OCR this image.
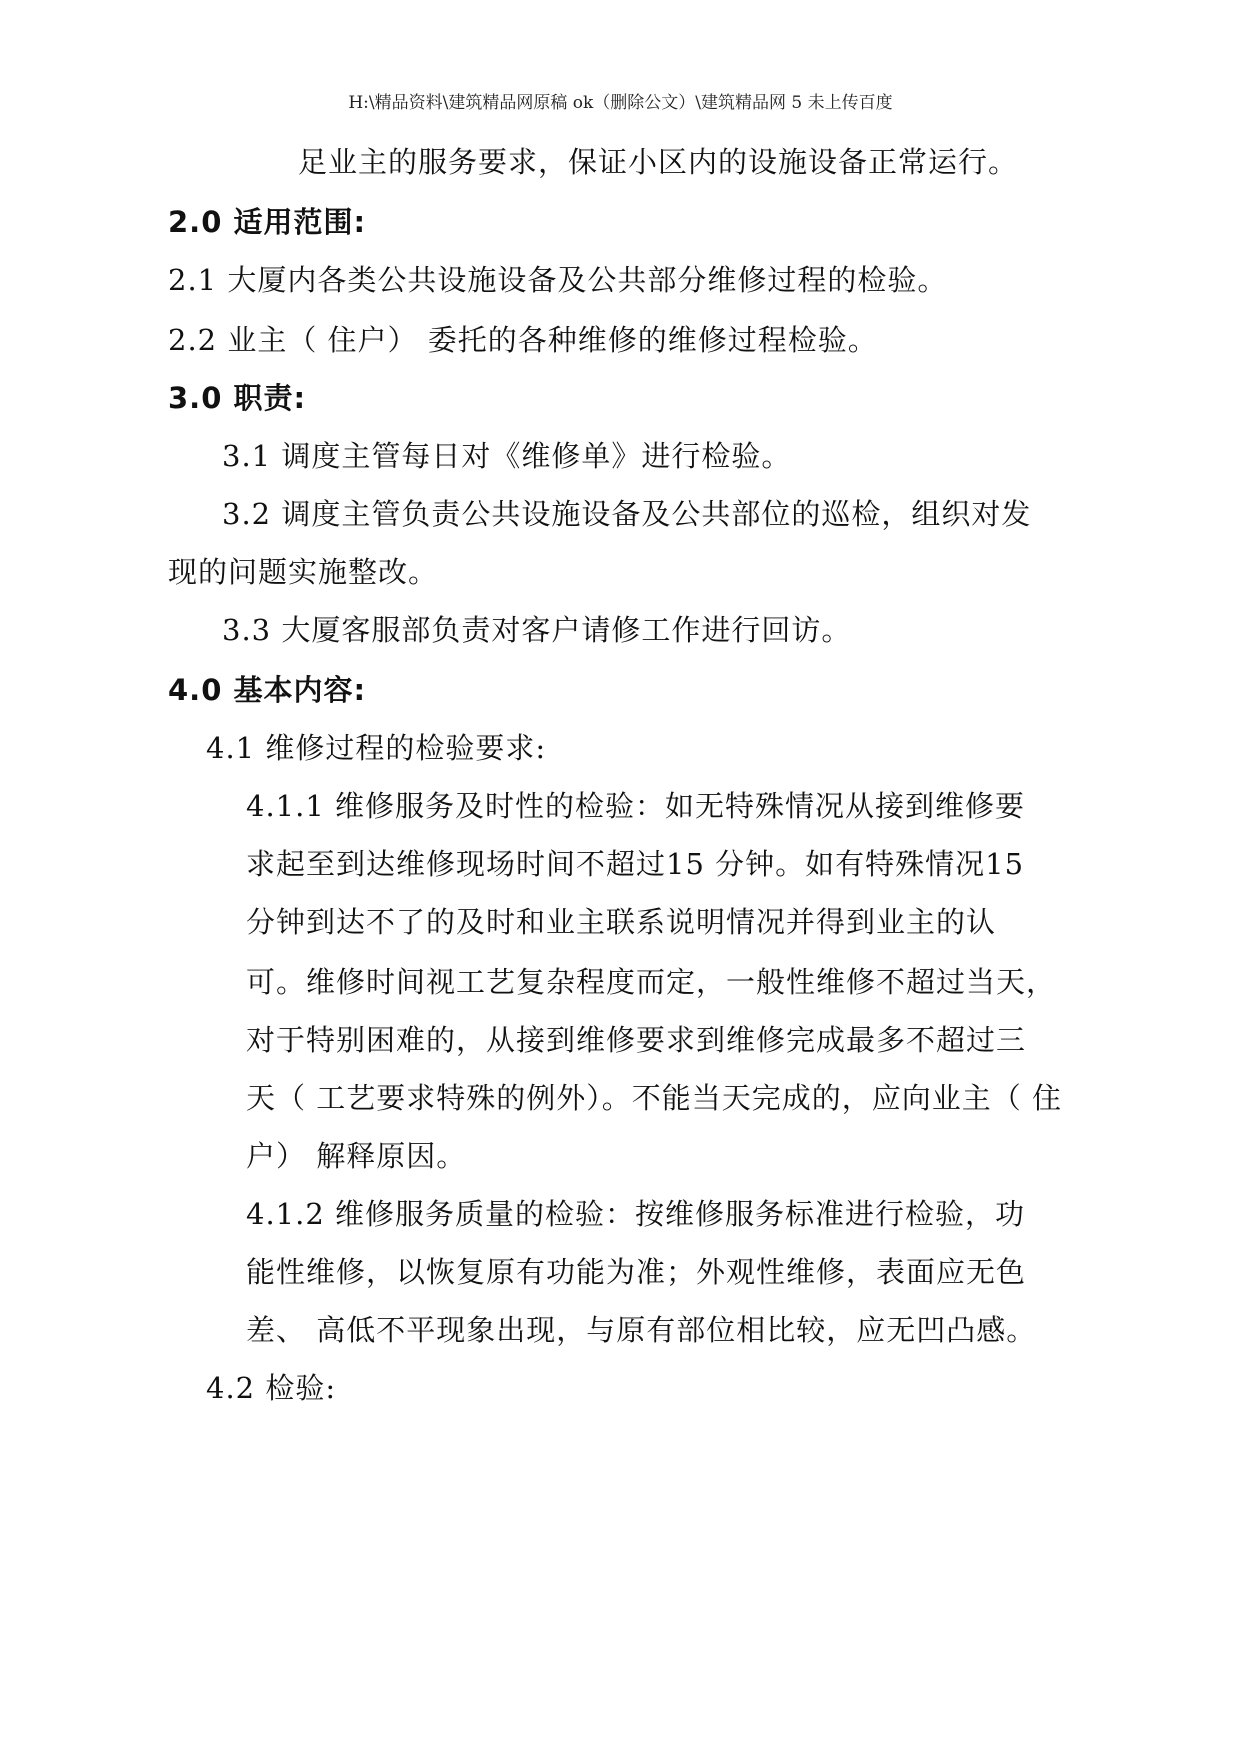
H:\精品资料\建筑精品网原稿 ok（删除公文）\建筑精品网 5 未上传百度
足业主的服务要求，保证小区内的设施设备正常运行。
2.0 适用范围:
2.1 大厦内各类公共设施设备及公共部分维修过程的检验。
2.2 业主（ 住户） 委托的各种维修的维修过程检验。
3.0 职责:
3.1 调度主管每日对《维修单》进行检验。
3.2 调度主管负责公共设施设备及公共部位的巡检，组织对发
现的问题实施整改。
3.3 大厦客服部负责对客户请修工作进行回访。
4.0 基本内容:
4.1 维修过程的检验要求:
4.1.1 维修服务及时性的检验：如无特殊情况从接到维修要
求起至到达维修现场时间不超过15 分钟。如有特殊情况15
分钟到达不了的及时和业主联系说明情况并得到业主的认
可。维修时间视工艺复杂程度而定，一般性维修不超过当天，
对于特别困难的，从接到维修要求到维修完成最多不超过三
天（ 工艺要求特殊的例外）。不能当天完成的，应向业主（ 住
户） 解释原因。
4.1.2 维修服务质量的检验：按维修服务标准进行检验，功
能性维修，以恢复原有功能为准；外观性维修，表面应无色
差、 高低不平现象出现，与原有部位相比较，应无凹凸感。
4.2 检验:
